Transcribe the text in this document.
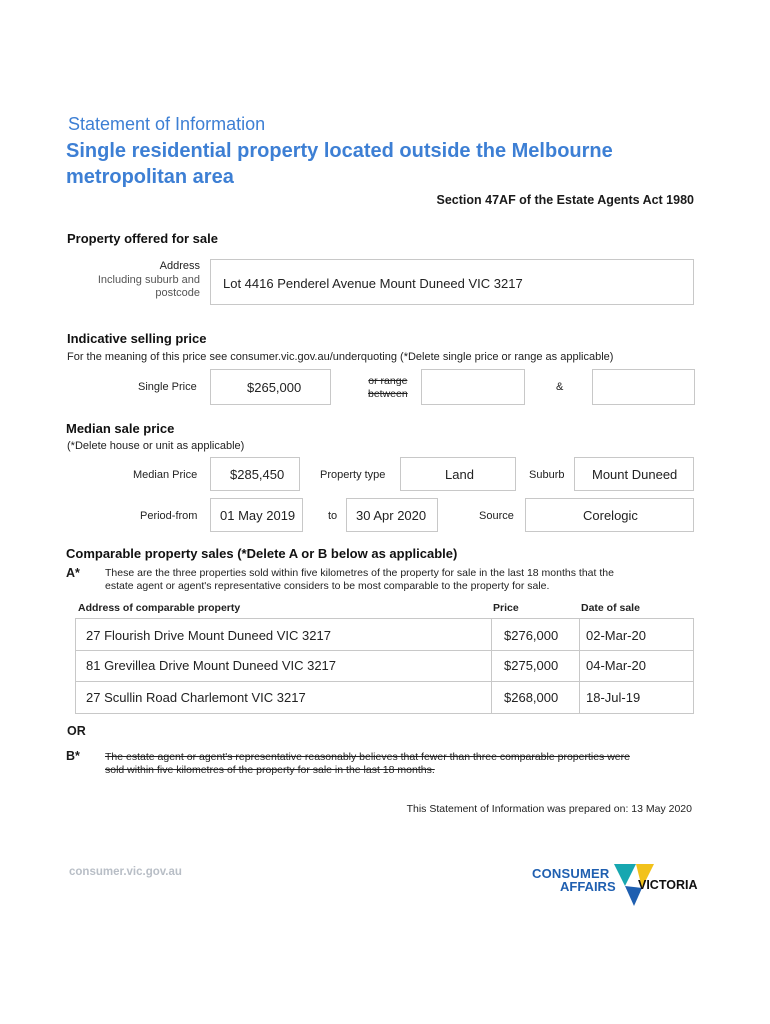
Statement of Information
Single residential property located outside the Melbourne
metropolitan area
Section 47AF of the Estate Agents Act 1980
Property offered for sale
Address
Including suburb and
postcode
Lot 4416 Penderel Avenue Mount Duneed VIC 3217
Indicative selling price
For the meaning of this price see consumer.vic.gov.au/underquoting (*Delete single price or range as applicable)
Single Price	$265,000	or range
between
&
Median sale price
(*Delete house or unit as applicable)
Median Price	$285,450	Property type	Land	Suburb Mount Duneed
Period-from 01 May 2019	to 30 Apr 2020	Source	Corelogic
Comparable property sales (*Delete A or B below as applicable)
A* These are the three properties sold within five kilometres of the property for sale in the last 18 months that the
estate agent or agent's representative considers to be most comparable to the property for sale.
Address of comparable property	Price	Date of sale
27 Flourish Drive Mount Duneed VIC 3217	$276,000 02-Mar-20
81 Grevillea Drive Mount Duneed VIC 3217	$275,000 04-Mar-20
27 Scullin Road Charlemont VIC 3217	$268,000 18-Jul-19
OR
B* The estate agent or agent's representative reasonably believes that fewer than three comparable properties were
sold within five kilometres of the property for sale in the last 18 months.
This Statement of Information was prepared on: 13 May 2020
consumer.vic.gov.au	CONSUMER
AFFAIRS VICTORIA
